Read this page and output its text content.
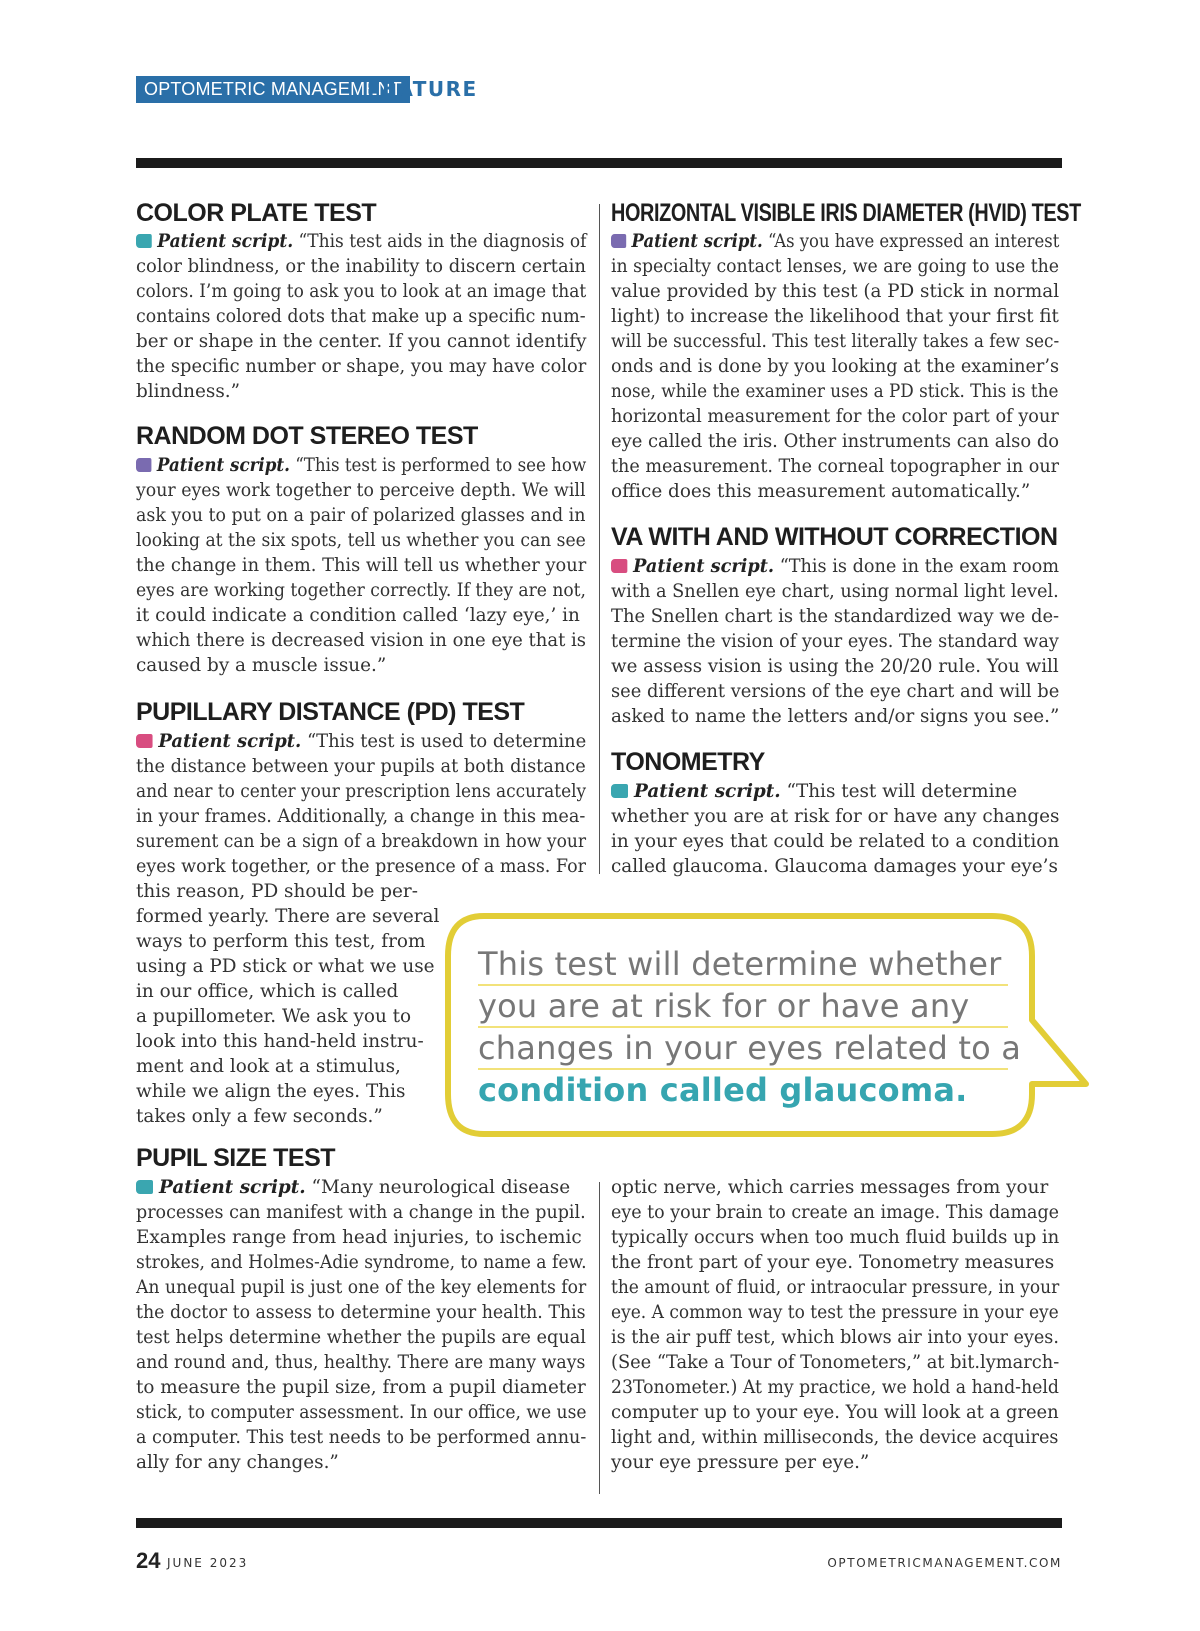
OPTOMETRIC MANAGEMENT
FEATURE
COLOR PLATE TEST
Patient script. “This test aids in the diagnosis of
color blindness, or the inability to discern certain
colors. I’m going to ask you to look at an image that
contains colored dots that make up a specific num-
ber or shape in the center. If you cannot identify
the specific number or shape, you may have color
blindness.”
RANDOM DOT STEREO TEST
Patient script. “This test is performed to see how
your eyes work together to perceive depth. We will
ask you to put on a pair of polarized glasses and in
looking at the six spots, tell us whether you can see
the change in them. This will tell us whether your
eyes are working together correctly. If they are not,
it could indicate a condition called ‘lazy eye,’ in
which there is decreased vision in one eye that is
caused by a muscle issue.”
PUPILLARY DISTANCE (PD) TEST
Patient script. “This test is used to determine
the distance between your pupils at both distance
and near to center your prescription lens accurately
in your frames. Additionally, a change in this mea-
surement can be a sign of a breakdown in how your
eyes work together, or the presence of a mass. For
this reason, PD should be per-
formed yearly. There are several
ways to perform this test, from
using a PD stick or what we use
in our office, which is called
a pupillometer. We ask you to
look into this hand-held instru-
ment and look at a stimulus,
while we align the eyes. This
takes only a few seconds.”
PUPIL SIZE TEST
Patient script. “Many neurological disease
processes can manifest with a change in the pupil.
Examples range from head injuries, to ischemic
strokes, and Holmes-Adie syndrome, to name a few.
An unequal pupil is just one of the key elements for
the doctor to assess to determine your health. This
test helps determine whether the pupils are equal
and round and, thus, healthy. There are many ways
to measure the pupil size, from a pupil diameter
stick, to computer assessment. In our office, we use
a computer. This test needs to be performed annu-
ally for any changes.”
HORIZONTAL VISIBLE IRIS DIAMETER (HVID) TEST
Patient script. “As you have expressed an interest
in specialty contact lenses, we are going to use the
value provided by this test (a PD stick in normal
light) to increase the likelihood that your first fit
will be successful. This test literally takes a few sec-
onds and is done by you looking at the examiner’s
nose, while the examiner uses a PD stick. This is the
horizontal measurement for the color part of your
eye called the iris. Other instruments can also do
the measurement. The corneal topographer in our
office does this measurement automatically.”
VA WITH AND WITHOUT CORRECTION
Patient script. “This is done in the exam room
with a Snellen eye chart, using normal light level.
The Snellen chart is the standardized way we de-
termine the vision of your eyes. The standard way
we assess vision is using the 20/20 rule. You will
see different versions of the eye chart and will be
asked to name the letters and/or signs you see.”
TONOMETRY
Patient script. “This test will determine
whether you are at risk for or have any changes
in your eyes that could be related to a condition
called glaucoma. Glaucoma damages your eye’s
optic nerve, which carries messages from your
eye to your brain to create an image. This damage
typically occurs when too much fluid builds up in
the front part of your eye. Tonometry measures
the amount of fluid, or intraocular pressure, in your
eye. A common way to test the pressure in your eye
is the air puff test, which blows air into your eyes.
(See “Take a Tour of Tonometers,” at bit.lymarch-
23Tonometer.) At my practice, we hold a hand-held
computer up to your eye. You will look at a green
light and, within milliseconds, the device acquires
your eye pressure per eye.”
This test will determine whether
you are at risk for or have any
changes in your eyes related to a
condition called glaucoma.
24 JUNE 2023	OPTOMETRICMANAGEMENT.COM
